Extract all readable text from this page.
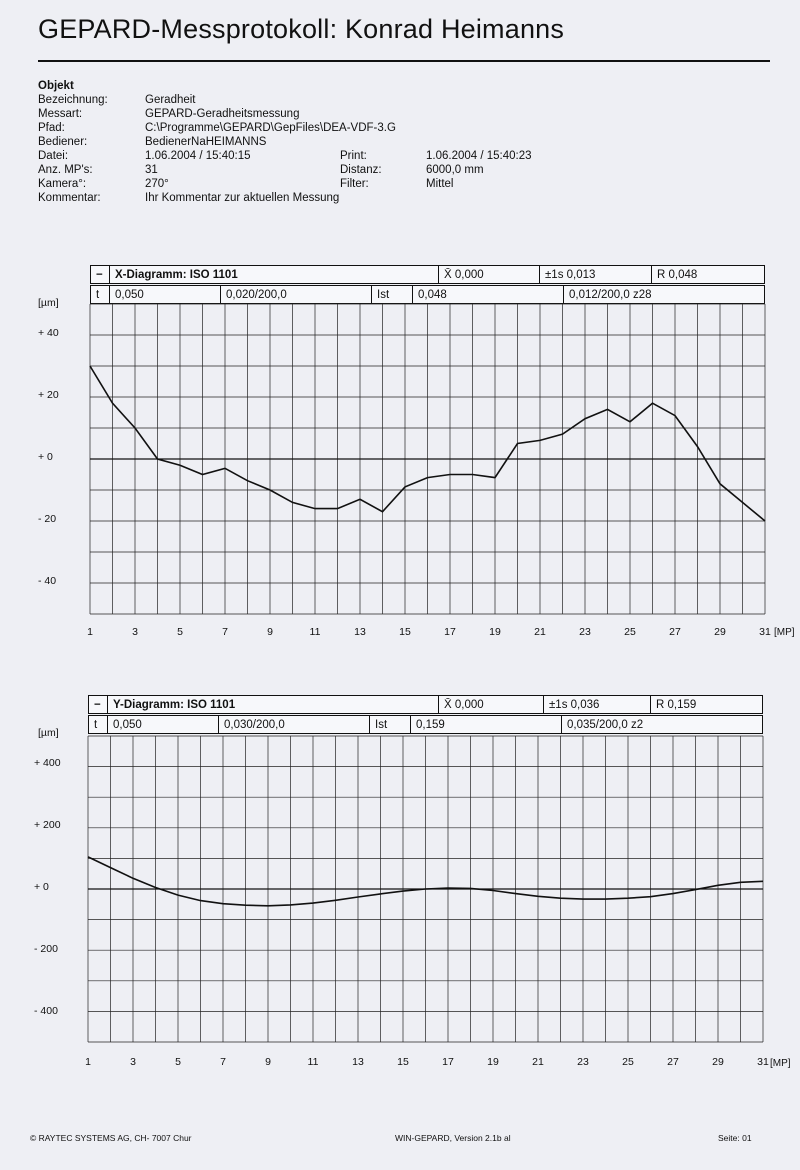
GEPARD-Messprotokoll: Konrad Heimanns
Objekt
Bezeichnung:	Geradheit
Messart:	GEPARD-Geradheitsmessung
Pfad:	C:\Programme\GEPARD\GepFiles\DEA-VDF-3.G
Bediener:	BedienerNaHEIMANNS
Datei:	1.06.2004 / 15:40:15	Print:	1.06.2004 / 15:40:23
Anz. MP's:	31	Distanz:	6000,0 mm
Kamera°:	270°	Filter:	Mittel
Kommentar:	Ihr Kommentar zur aktuellen Messung
−	X-Diagramm: ISO 1101	X̄ 0,000	±1s 0,013	R 0,048
t	0,050	0,020/200,0	Ist	0,048	0,012/200,0 z28
[µm]
+ 40
+ 20
+ 0
- 20
- 40
1	3	5	7	9	11	13	15	17	19	21	23	25	27	29	31 [MP]
−	Y-Diagramm: ISO 1101	X̄ 0,000	±1s 0,036	R 0,159
t	0,050	0,030/200,0	Ist	0,159	0,035/200,0 z2
[µm]
+ 400
+ 200
+ 0
- 200
- 400
1	3	5	7	9	11	13	15	17	19	21	23	25	27	29	31 [MP]
© RAYTEC SYSTEMS AG, CH- 7007 Chur	WIN-GEPARD, Version 2.1b al	Seite: 01
